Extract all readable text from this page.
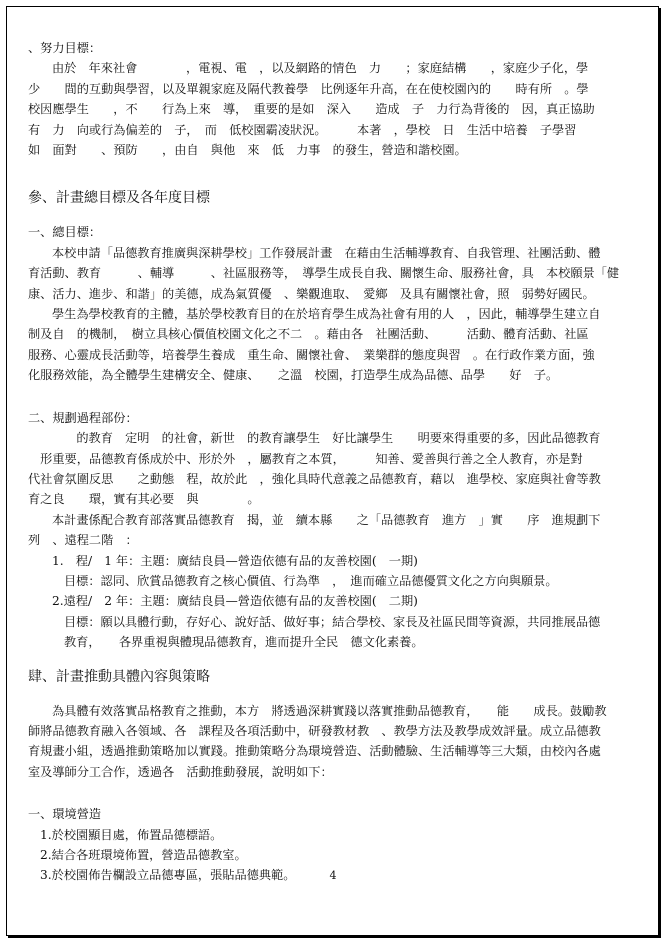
、努力目標：

由於　年來社會　　　　，電視、電　，以及網路的情色　力　　；家庭結構　　，家庭少子化，學

少　　間的互動與學習，以及單親家庭及隔代教養學　比例逐年升高，在在使校園內的　　時有所　。學

校因應學生　　，不　　行為上來　導，　重要的是如　深入　　造成　子　力行為背後的　因，真正協助

有　力　向或行為偏差的　子，　而　低校園霸凌狀況。　　　本著　，學校　日　生活中培養　子學習

如　面對　　、預防　　，由自　與他　來　低　力事　的發生，營造和諧校園。

參、計畫總目標及各年度目標

一、總目標：

本校申請「品德教育推廣與深耕學校」工作發展計畫　在藉由生活輔導教育、自我管理、社團活動、體

育活動、教育　　　、輔導　　　、社區服務等，　導學生成長自我、關懷生命、服務社會，具　本校願景「健

康、活力、進步、和諧」的美德，成為氣質優　、樂觀進取、　愛鄉　及具有關懷社會，照　弱勢好國民。

學生為學校教育的主體，基於學校教育目的在於培育學生成為社會有用的人　，因此，輔導學生建立自

制及自　的機制，　樹立具核心價值校園文化之不二　。藉由各　社團活動、　　　活動、體育活動、社區

服務、心靈成長活動等，培養學生養成　重生命、關懷社會、　業樂群的態度與習　。在行政作業方面，強

化服務效能，為全體學生建構安全、健康、　　之溫　校園，打造學生成為品德、品學　　好　子。

二、規劃過程部份：

　　的教育　定明　的社會，新世　的教育讓學生　好比讓學生　　明要來得重要的多，因此品德教育

　形重要，品德教育係成於中、形於外　，屬教育之本質，　　　知善、愛善與行善之全人教育，亦是對

代社會氛圍反思　　之動態　程，故於此　，強化具時代意義之品德教育，藉以　進學校、家庭與社會等教

育之良　　環，實有其必要　與　　　　。

本計畫係配合教育部落實品德教育　揭，並　續本縣　　之「品德教育　進方　」實　　序　進規劃下

列　、遠程二階　：

1.　程/　1 年：主題：廣結良員—營造依德有品的友善校園(　一期)

目標：認同、欣賞品德教育之核心價值、行為準　，　進而確立品德優質文化之方向與願景。

2.遠程/　2 年：主題：廣結良員—營造依德有品的友善校園(　二期)

目標：願以具體行動，存好心、說好話、做好事；結合學校、家長及社區民間等資源，共同推展品德

教育，　　各界重視與體現品德教育，進而提升全民　德文化素養。

肆、計畫推動具體內容與策略

為具體有效落實品格教育之推動，本方　將透過深耕實踐以落實推動品德教育，　　能　　成長。鼓勵教

師將品德教育融入各領域、各　課程及各項活動中，研發教材教　、教學方法及教學成效評量。成立品德教

育規畫小組，透過推動策略加以實踐。推動策略分為環境營造、活動體驗、生活輔導等三大類，由校內各處

室及導師分工合作，透過各　活動推動發展，說明如下：

一、環境營造

1.於校園顯目處，佈置品德標語。

2.結合各班環境佈置，營造品德教室。

3.於校園佈告欄設立品德專區，張貼品德典範。	4
